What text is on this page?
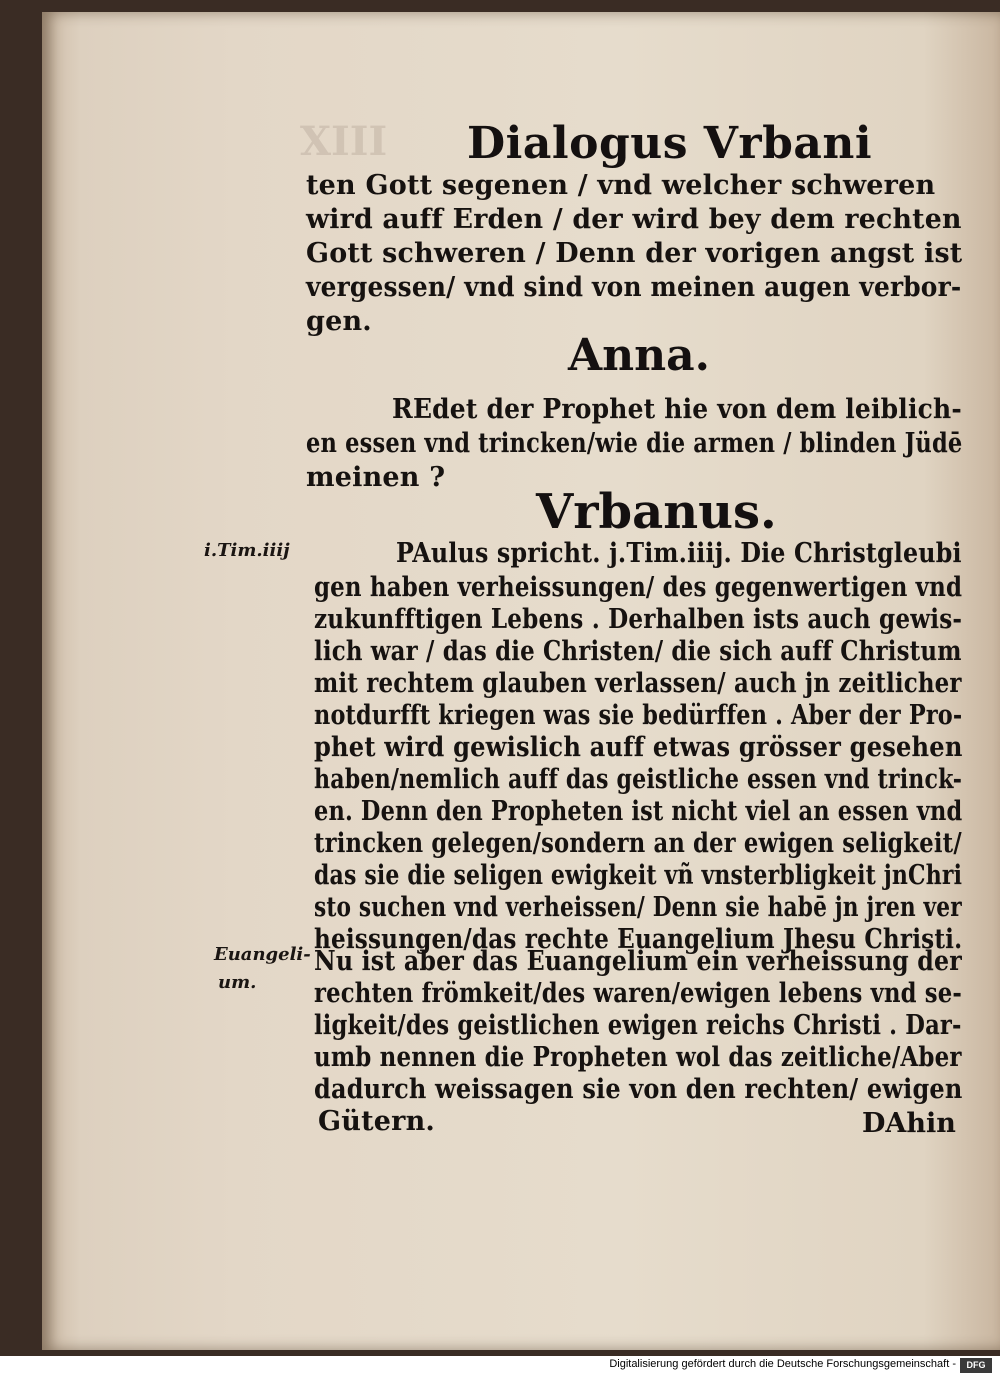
XIII Dialogus Vrbani
ten Gott segenen / vnd welcher schweren
wird auff Erden / der wird bey dem rechten
Gott schweren / Denn der vorigen angst ist
vergessen/ vnd sind von meinen augen verbor-
gen.
Anna.
REdet der Prophet hie von dem leiblich-
en essen vnd trincken/wie die armen / blinden Jüdē
meinen ?
Vrbanus.
i.Tim.iiij	PAulus spricht. j.Tim.iiij. Die Christgleubi
gen haben verheissungen/ des gegenwertigen vnd
zukunfftigen Lebens . Derhalben ists auch gewis-
lich war / das die Christen/ die sich auff Christum
mit rechtem glauben verlassen/ auch jn zeitlicher
notdurfft kriegen was sie bedürffen . Aber der Pro-
phet wird gewislich auff etwas grösser gesehen
haben/nemlich auff das geistliche essen vnd trinck-
en. Denn den Propheten ist nicht viel an essen vnd
trincken gelegen/sondern an der ewigen seligkeit/
das sie die seligen ewigkeit vñ vnsterbligkeit jnChri
sto suchen vnd verheissen/ Denn sie habē jn jren ver
heissungen/das rechte Euangelium Jhesu Christi.
Euangeli-
um.
Nu ist aber das Euangelium ein verheissung der
rechten frömkeit/des waren/ewigen lebens vnd se-
ligkeit/des geistlichen ewigen reichs Christi . Dar-
umb nennen die Propheten wol das zeitliche/Aber
dadurch weissagen sie von den rechten/ ewigen
Gütern.	DAhin
Digitalisierung gefördert durch die Deutsche Forschungsgemeinschaft -	DFG
